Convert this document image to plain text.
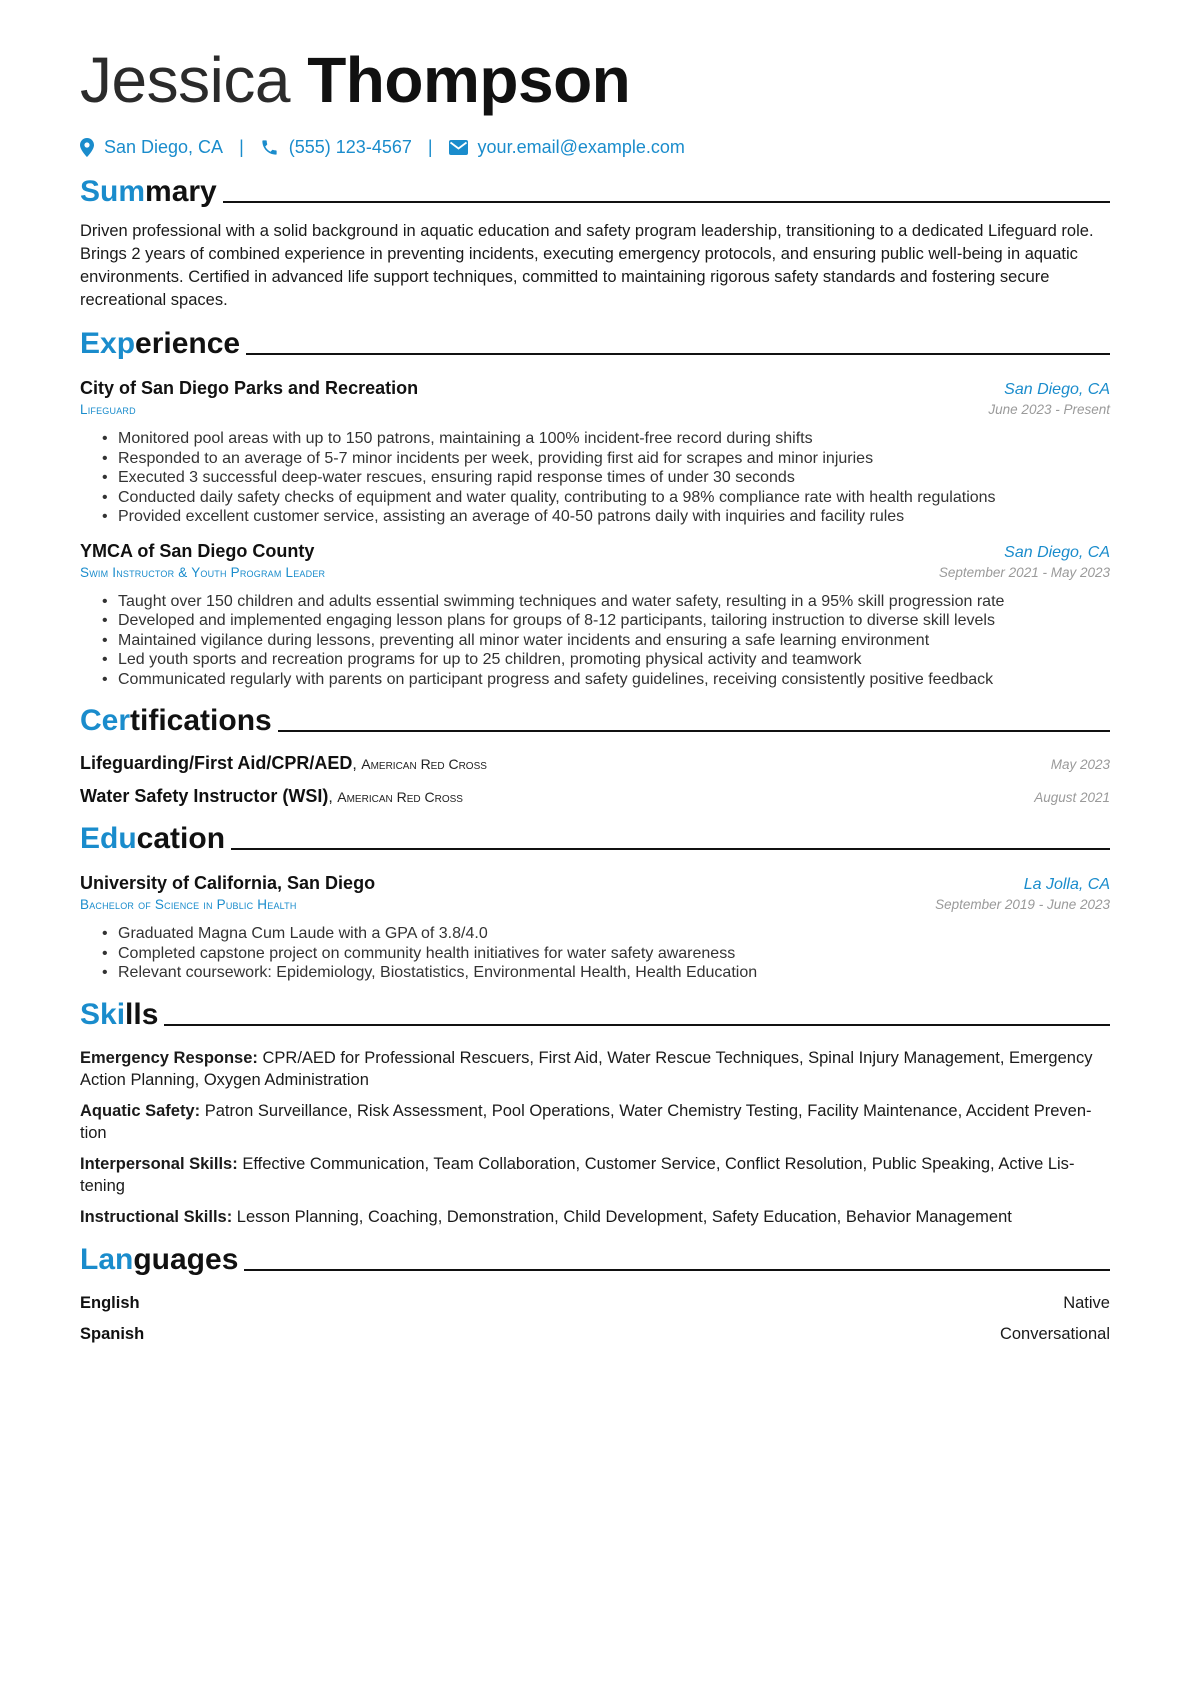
Jessica Thompson
San Diego, CA |	(555) 123-4567 |	your.email@example.com
Summary

Driven professional with a solid background in aquatic education and safety program leadership, transitioning to a dedicated Lifeguard role. Brings 2 years of combined experience in preventing incidents, executing emergency protocols, and ensuring public well-being in aquatic environments. Certified in advanced life support techniques, committed to maintaining rigorous safety standards and fostering secure recreational spaces.

Experience
City of San Diego Parks and Recreation	San Diego, CA
Lifeguard	June 2023 - Present
• Monitored pool areas with up to 150 patrons, maintaining a 100% incident-free record during shifts
• Responded to an average of 5-7 minor incidents per week, providing first aid for scrapes and minor injuries
• Executed 3 successful deep-water rescues, ensuring rapid response times of under 30 seconds
• Conducted daily safety checks of equipment and water quality, contributing to a 98% compliance rate with health regulations
• Provided excellent customer service, assisting an average of 40-50 patrons daily with inquiries and facility rules
YMCA of San Diego County	San Diego, CA
Swim Instructor & Youth Program Leader	September 2021 - May 2023
• Taught over 150 children and adults essential swimming techniques and water safety, resulting in a 95% skill progression rate
• Developed and implemented engaging lesson plans for groups of 8-12 participants, tailoring instruction to diverse skill levels
• Maintained vigilance during lessons, preventing all minor water incidents and ensuring a safe learning environment
• Led youth sports and recreation programs for up to 25 children, promoting physical activity and teamwork
• Communicated regularly with parents on participant progress and safety guidelines, receiving consistently positive feedback
Certifications
Lifeguarding/First Aid/CPR/AED, American Red Cross	May 2023
Water Safety Instructor (WSI), American Red Cross	August 2021
Education
University of California, San Diego	La Jolla, CA
Bachelor of Science in Public Health	September 2019 - June 2023
• Graduated Magna Cum Laude with a GPA of 3.8/4.0
• Completed capstone project on community health initiatives for water safety awareness
• Relevant coursework: Epidemiology, Biostatistics, Environmental Health, Health Education
Skills

Emergency Response: CPR/AED for Professional Rescuers, First Aid, Water Rescue Techniques, Spinal Injury Management, Emergency Action Planning, Oxygen Administration

Aquatic Safety: Patron Surveillance, Risk Assessment, Pool Operations, Water Chemistry Testing, Facility Maintenance, Accident Prevention

Interpersonal Skills: Effective Communication, Team Collaboration, Customer Service, Conflict Resolution, Public Speaking, Active Listening

Instructional Skills: Lesson Planning, Coaching, Demonstration, Child Development, Safety Education, Behavior Management

Languages
English	Native
Spanish	Conversational
